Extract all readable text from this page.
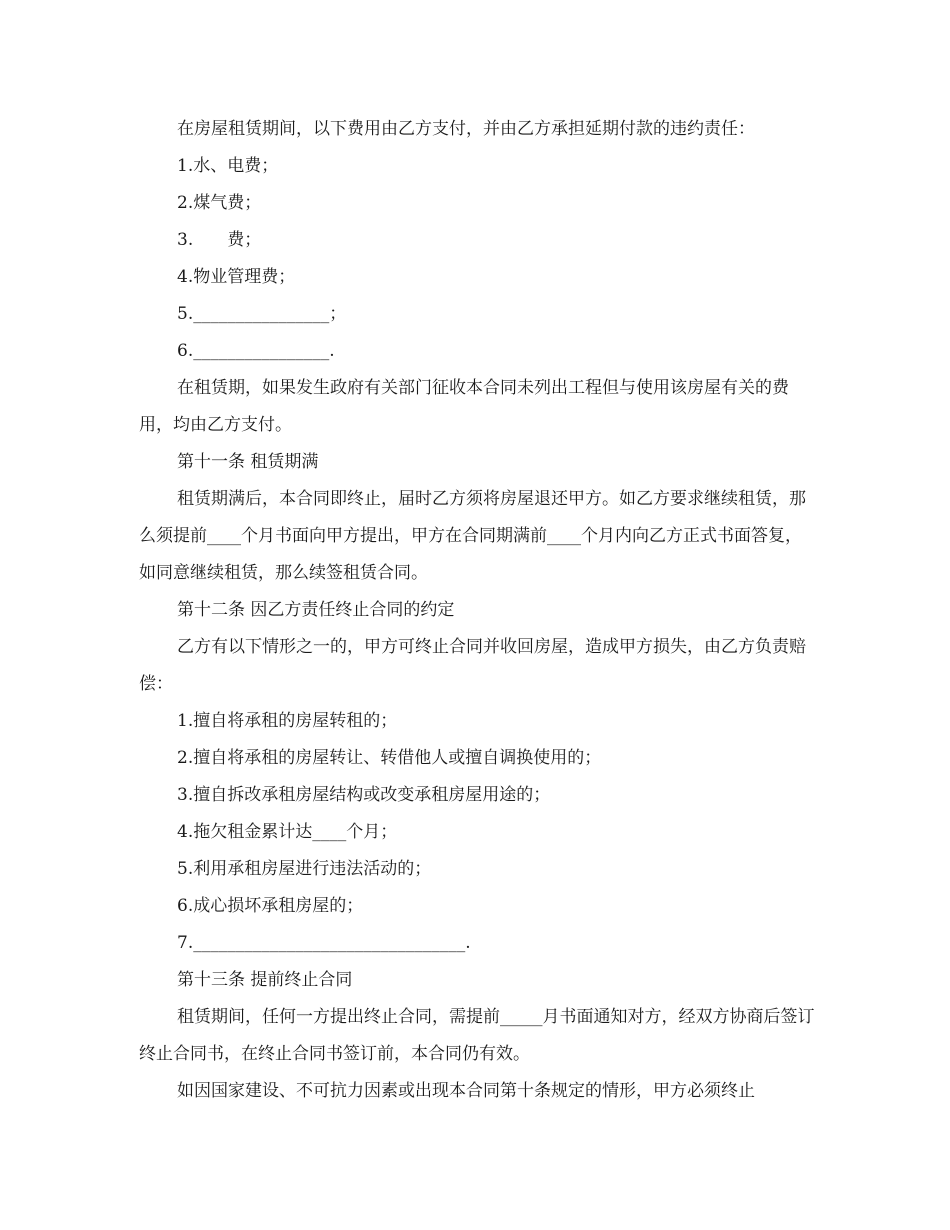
在房屋租赁期间，以下费用由乙方支付，并由乙方承担延期付款的违约责任：

1.水、电费；

2.煤气费；

3.　　费；

4.物业管理费；

5.________________；

6.________________.

在租赁期，如果发生政府有关部门征收本合同未列出工程但与使用该房屋有关的费用，均由乙方支付。

第十一条 租赁期满

租赁期满后，本合同即终止，届时乙方须将房屋退还甲方。如乙方要求继续租赁，那么须提前____个月书面向甲方提出，甲方在合同期满前____个月内向乙方正式书面答复，如同意继续租赁，那么续签租赁合同。

第十二条 因乙方责任终止合同的约定

乙方有以下情形之一的，甲方可终止合同并收回房屋，造成甲方损失，由乙方负责赔偿：

1.擅自将承租的房屋转租的；

2.擅自将承租的房屋转让、转借他人或擅自调换使用的；

3.擅自拆改承租房屋结构或改变承租房屋用途的；

4.拖欠租金累计达____个月；

5.利用承租房屋进行违法活动的；

6.成心损坏承租房屋的；

7.________________________________.

第十三条 提前终止合同

租赁期间，任何一方提出终止合同，需提前_____月书面通知对方，经双方协商后签订终止合同书，在终止合同书签订前，本合同仍有效。

如因国家建设、不可抗力因素或出现本合同第十条规定的情形，甲方必须终止
